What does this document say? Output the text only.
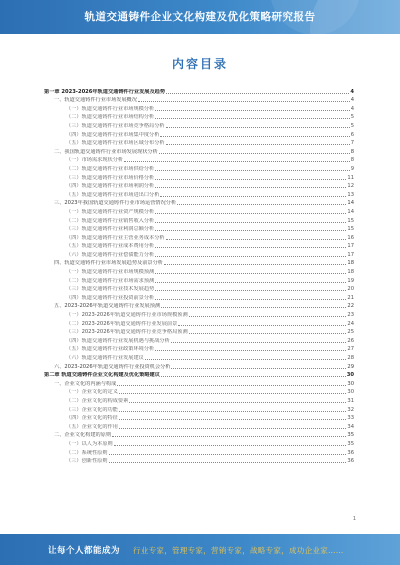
轨道交通铸件企业文化构建及优化策略研究报告
内容目录
第一章 2023-2026年轨道交通铸件行业发展及趋势	4
一、轨道交通铸件行业市场发展概况	4
（一）轨道交通铸件行业市场规模分析	4
（二）轨道交通铸件行业市场结构分析	5
（三）轨道交通铸件行业市场竞争格局分析	5
（四）轨道交通铸件行业市场集中度分析	6
（五）轨道交通铸件行业市场区域分布分析	7
二、我国轨道交通铸件行业市场发展现状分析	8
（一）市场需求现状分析	8
（二）轨道交通铸件行业市场供给分析	9
（三）轨道交通铸件行业市场价格分析	11
（四）轨道交通铸件行业市场利润分析	12
（五）轨道交通铸件行业市场进出口分析	13
三、2023年我国轨道交通铸件行业市场运营情况分析	14
（一）轨道交通铸件行业资产规模分析	14
（二）轨道交通铸件行业销售收入分析	15
（三）轨道交通铸件行业利润总额分析	15
（四）轨道交通铸件行业主营业务成本分析	16
（五）轨道交通铸件行业成本费用分析	17
（六）轨道交通铸件行业偿债能力分析	17
四、轨道交通铸件行业市场发展趋势及前景分析	18
（一）轨道交通铸件行业市场规模预测	18
（二）轨道交通铸件行业市场需求预测	19
（三）轨道交通铸件行业技术发展趋势	20
（四）轨道交通铸件行业投资前景分析	21
五、2023-2026年轨道交通铸件行业发展预测	22
（一）2023-2026年轨道交通铸件行业市场规模预测	23
（二）2023-2026年轨道交通铸件行业发展前景	24
（三）2023-2026年轨道交通铸件行业竞争格局预测	25
（四）轨道交通铸件行业发展机遇与挑战分析	26
（五）轨道交通铸件行业政策环境分析	27
（六）轨道交通铸件行业发展建议	28
六、2023-2026年轨道交通铸件行业投资机会分析	29
第二章 轨道交通铸件企业文化构建及优化策略建议	30
一、企业文化的内涵与构成	30
（一）企业文化的定义	30
（二）企业文化的构成要素	31
（三）企业文化的功能	32
（四）企业文化的特征	33
（五）企业文化的作用	34
二、企业文化构建的原则	35
（一）以人为本原则	35
（二）系统性原则	36
（三）创新性原则	36
1
让每个人都能成为 行业专家，管理专家，营销专家，战略专家，成功企业家……
